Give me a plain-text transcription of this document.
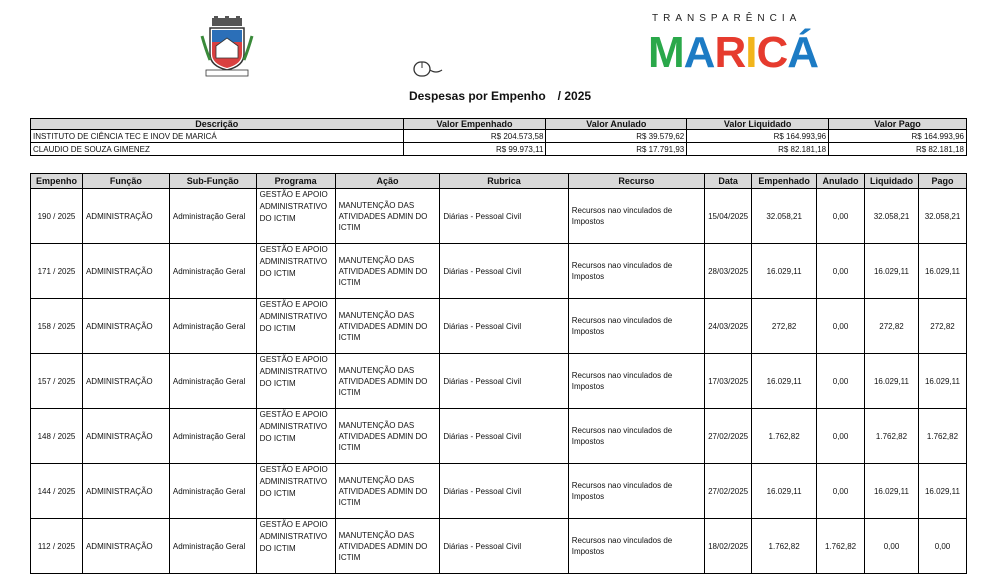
TRANSPARÊNCIA
MARICÁ
Despesas por Empenho / 2025
Descrição	Valor Empenhado	Valor Anulado	Valor Liquidado	Valor Pago
INSTITUTO DE CIÊNCIA TEC E INOV DE MARICÁ	R$ 204.573,58	R$ 39.579,62	R$ 164.993,96	R$ 164.993,96
CLAUDIO DE SOUZA GIMENEZ	R$ 99.973,11	R$ 17.791,93	R$ 82.181,18	R$ 82.181,18
Empenho	Função	Sub-Função	Programa	Ação	Rubrica	Recurso	Data	Empenhado	Anulado	Liquidado	Pago
190 / 2025	ADMINISTRAÇÃO	Administração Geral	GESTÃO E APOIO ADMINISTRATIVO DO ICTIM	MANUTENÇÃO DAS ATIVIDADES ADMIN DO ICTIM	Diárias - Pessoal Civil	Recursos nao vinculados de Impostos	15/04/2025	32.058,21	0,00	32.058,21	32.058,21
171 / 2025	ADMINISTRAÇÃO	Administração Geral	GESTÃO E APOIO ADMINISTRATIVO DO ICTIM	MANUTENÇÃO DAS ATIVIDADES ADMIN DO ICTIM	Diárias - Pessoal Civil	Recursos nao vinculados de Impostos	28/03/2025	16.029,11	0,00	16.029,11	16.029,11
158 / 2025	ADMINISTRAÇÃO	Administração Geral	GESTÃO E APOIO ADMINISTRATIVO DO ICTIM	MANUTENÇÃO DAS ATIVIDADES ADMIN DO ICTIM	Diárias - Pessoal Civil	Recursos nao vinculados de Impostos	24/03/2025	272,82	0,00	272,82	272,82
157 / 2025	ADMINISTRAÇÃO	Administração Geral	GESTÃO E APOIO ADMINISTRATIVO DO ICTIM	MANUTENÇÃO DAS ATIVIDADES ADMIN DO ICTIM	Diárias - Pessoal Civil	Recursos nao vinculados de Impostos	17/03/2025	16.029,11	0,00	16.029,11	16.029,11
148 / 2025	ADMINISTRAÇÃO	Administração Geral	GESTÃO E APOIO ADMINISTRATIVO DO ICTIM	MANUTENÇÃO DAS ATIVIDADES ADMIN DO ICTIM	Diárias - Pessoal Civil	Recursos nao vinculados de Impostos	27/02/2025	1.762,82	0,00	1.762,82	1.762,82
144 / 2025	ADMINISTRAÇÃO	Administração Geral	GESTÃO E APOIO ADMINISTRATIVO DO ICTIM	MANUTENÇÃO DAS ATIVIDADES ADMIN DO ICTIM	Diárias - Pessoal Civil	Recursos nao vinculados de Impostos	27/02/2025	16.029,11	0,00	16.029,11	16.029,11
112 / 2025	ADMINISTRAÇÃO	Administração Geral	GESTÃO E APOIO ADMINISTRATIVO DO ICTIM	MANUTENÇÃO DAS ATIVIDADES ADMIN DO ICTIM	Diárias - Pessoal Civil	Recursos nao vinculados de Impostos	18/02/2025	1.762,82	1.762,82	0,00	0,00
